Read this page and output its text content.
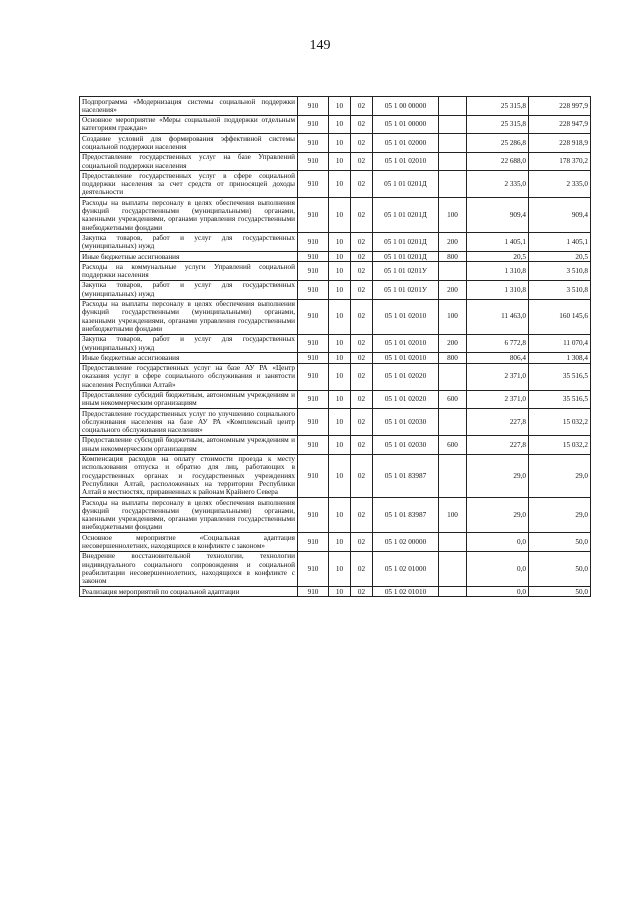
149
Подпрограмма «Модернизация системы социальной поддержки населения»	910	10	02	05 1 00 00000		25 315,8	228 997,9
Основное мероприятие «Меры социальной поддержки отдельным категориям граждан»	910	10	02	05 1 01 00000		25 315,8	228 947,9
Создание условий для формирования эффективной системы социальной поддержки населения	910	10	02	05 1 01 02000		25 286,8	228 918,9
Предоставление государственных услуг на базе Управлений социальной поддержки населения	910	10	02	05 1 01 02010		22 688,0	178 370,2
Предоставление государственных услуг в сфере социальной поддержки населения за счет средств от приносящей доходы деятельности	910	10	02	05 1 01 0201Д		2 335,0	2 335,0
Расходы на выплаты персоналу в целях обеспечения выполнения функций государственными (муниципальными) органами, казенными учреждениями, органами управления государственными внебюджетными фондами	910	10	02	05 1 01 0201Д	100	909,4	909,4
Закупка товаров, работ и услуг для государственных (муниципальных) нужд	910	10	02	05 1 01 0201Д	200	1 405,1	1 405,1
Иные бюджетные ассигнования	910	10	02	05 1 01 0201Д	800	20,5	20,5
Расходы на коммунальные услуги Управлений социальной поддержки населения	910	10	02	05 1 01 0201У		1 310,8	3 510,8
Закупка товаров, работ и услуг для государственных (муниципальных) нужд	910	10	02	05 1 01 0201У	200	1 310,8	3 510,8
Расходы на выплаты персоналу в целях обеспечения выполнения функций государственными (муниципальными) органами, казенными учреждениями, органами управления государственными внебюджетными фондами	910	10	02	05 1 01 02010	100	11 463,0	160 145,6
Закупка товаров, работ и услуг для государственных (муниципальных) нужд	910	10	02	05 1 01 02010	200	6 772,8	11 070,4
Иные бюджетные ассигнования	910	10	02	05 1 01 02010	800	806,4	1 308,4
Предоставление государственных услуг на базе АУ РА «Центр оказания услуг в сфере социального обслуживания и занятости населения Республики Алтай»	910	10	02	05 1 01 02020		2 371,0	35 516,5
Предоставление субсидий бюджетным, автономным учреждениям и иным некоммерческим организациям	910	10	02	05 1 01 02020	600	2 371,0	35 516,5
Предоставление государственных услуг по улучшению социального обслуживания населения на базе АУ РА «Комплексный центр социального обслуживания населения»	910	10	02	05 1 01 02030		227,8	15 032,2
Предоставление субсидий бюджетным, автономным учреждениям и иным некоммерческим организациям	910	10	02	05 1 01 02030	600	227,8	15 032,2
Компенсация расходов на оплату стоимости проезда к месту использования отпуска и обратно для лиц, работающих в государственных органах и государственных учреждениях Республики Алтай, расположенных на территории Республики Алтай в местностях, приравненных к районам Крайнего Севера	910	10	02	05 1 01 83987		29,0	29,0
Расходы на выплаты персоналу в целях обеспечения выполнения функций государственными (муниципальными) органами, казенными учреждениями, органами управления государственными внебюджетными фондами	910	10	02	05 1 01 83987	100	29,0	29,0
Основное мероприятие «Социальная адаптация несовершеннолетних, находящихся в конфликте с законом»	910	10	02	05 1 02 00000		0,0	50,0
Внедрение восстановительной технологии, технологии индивидуального социального сопровождения и социальной реабилитации несовершеннолетних, находящихся в конфликте с законом	910	10	02	05 1 02 01000		0,0	50,0
Реализация мероприятий по социальной адаптации	910	10	02	05 1 02 01010		0,0	50,0
